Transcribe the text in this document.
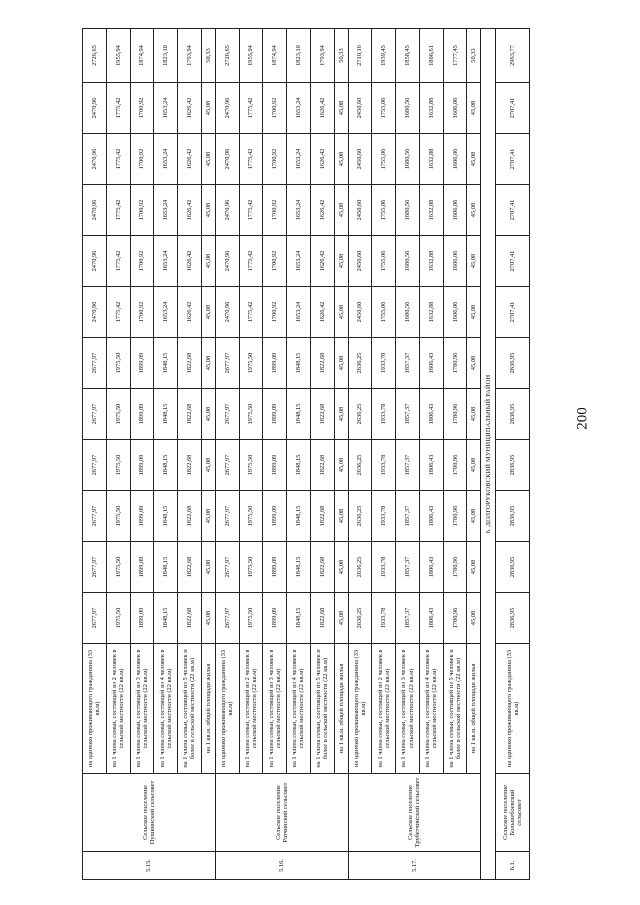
5.15.	Сельское поселение Пушкинский сельсовет	на одиноко проживающего гражданина (33 кв.м)	2677,97	2677,97	2677,97	2677,97	2677,97	2677,97	2470,96	2470,96	2470,96	2470,96	2470,96	2726,65
		на 1 члена семьи, состоящей из 2 человек в сельской местности (22 кв.м)	1975,50	1975,50	1975,50	1975,50	1975,50	1975,50	1775,42	1775,42	1775,42	1775,42	1775,42	1955,94
		на 1 члена семьи, состоящей из 3 человек в сельской местности (22 кв.м)	1899,09	1899,09	1899,09	1899,09	1899,09	1899,09	1700,92	1700,92	1700,92	1700,92	1700,92	1874,94
		на 1 члена семьи, состоящей из 4 человек в сельской местности (22 кв.м)	1848,15	1848,15	1848,15	1848,15	1848,15	1848,15	1653,24	1653,24	1653,24	1653,24	1653,24	1823,10
		на 1 члена семьи, состоящей из 5 человек и более в сельской местности (22 кв.м)	1822,68	1822,68	1822,68	1822,68	1822,68	1822,68	1626,42	1626,42	1626,42	1626,42	1626,42	1793,94
		на 1 кв.м. общей площади жилья	45,08	45,08	45,08	45,08	45,08	45,08	45,08	45,08	45,08	45,08	45,08	50,33
5.16.	Сельское поселение Ратчинский сельсовет	на одиноко проживающего гражданина (33 кв.м)	2677,97	2677,97	2677,97	2677,97	2677,97	2677,97	2470,96	2470,96	2470,96	2470,96	2470,96	2726,65
		на 1 члена семьи, состоящей из 2 человек в сельской местности (22 кв.м)	1975,50	1975,50	1975,50	1975,50	1975,50	1975,50	1775,42	1775,42	1775,42	1775,42	1775,42	1955,94
		на 1 члена семьи, состоящей из 3 человек в сельской местности (22 кв.м)	1899,09	1899,09	1899,09	1899,09	1899,09	1899,09	1700,92	1700,92	1700,92	1700,92	1700,92	1874,94
		на 1 члена семьи, состоящей из 4 человек в сельской местности (22 кв.м)	1848,15	1848,15	1848,15	1848,15	1848,15	1848,15	1653,24	1653,24	1653,24	1653,24	1653,24	1823,10
		на 1 члена семьи, состоящей из 5 человек и более в сельской местности (22 кв.м)	1822,68	1822,68	1822,68	1822,68	1822,68	1822,68	1626,42	1626,42	1626,42	1626,42	1626,42	1793,94
		на 1 кв.м. общей площади жилья	45,08	45,08	45,08	45,08	45,08	45,08	45,08	45,08	45,08	45,08	45,08	50,33
5.17.	Сельское поселение Трубетчинский сельсовет	на одиноко проживающего гражданина (33 кв.м)	2636,25	2636,25	2636,25	2636,25	2636,25	2636,25	2450,60	2450,60	2450,60	2450,60	2450,60	2710,16
		на 1 члена семьи, состоящей из 2 человек в сельской местности (22 кв.м)	1933,78	1933,78	1933,78	1933,78	1933,78	1933,78	1755,06	1755,06	1755,06	1755,06	1755,06	1939,45
		на 1 члена семьи, состоящей из 3 человек в сельской местности (22 кв.м)	1857,37	1857,37	1857,37	1857,37	1857,37	1857,37	1680,56	1680,56	1680,56	1680,56	1680,56	1858,45
		на 1 члена семьи, состоящей из 4 человек в сельской местности (22 кв.м)	1806,43	1806,43	1806,43	1806,43	1806,43	1806,43	1632,88	1632,88	1632,88	1632,88	1632,88	1806,61
		на 1 члена семьи, состоящей из 5 человек и более в сельской местности (22 кв.м)	1780,96	1780,96	1780,96	1780,96	1780,96	1780,96	1606,06	1606,06	1606,06	1606,06	1606,06	1777,45
		на 1 кв.м. общей площади жилья	45,08	45,08	45,08	45,08	45,08	45,08	45,08	45,08	45,08	45,08	45,08	50,33
6. ДОЛГОРУКОВСКИЙ МУНИЦИПАЛЬНЫЙ РАЙОН														
6.1.	Сельское поселение Большебоевский сельсовет	на одиноко проживающего гражданина (33 кв.м)	2836,95	2836,95	2836,95	2836,95	2836,95	2836,95	2707,41	2707,41	2707,41	2707,41	2707,41	2963,77
200
